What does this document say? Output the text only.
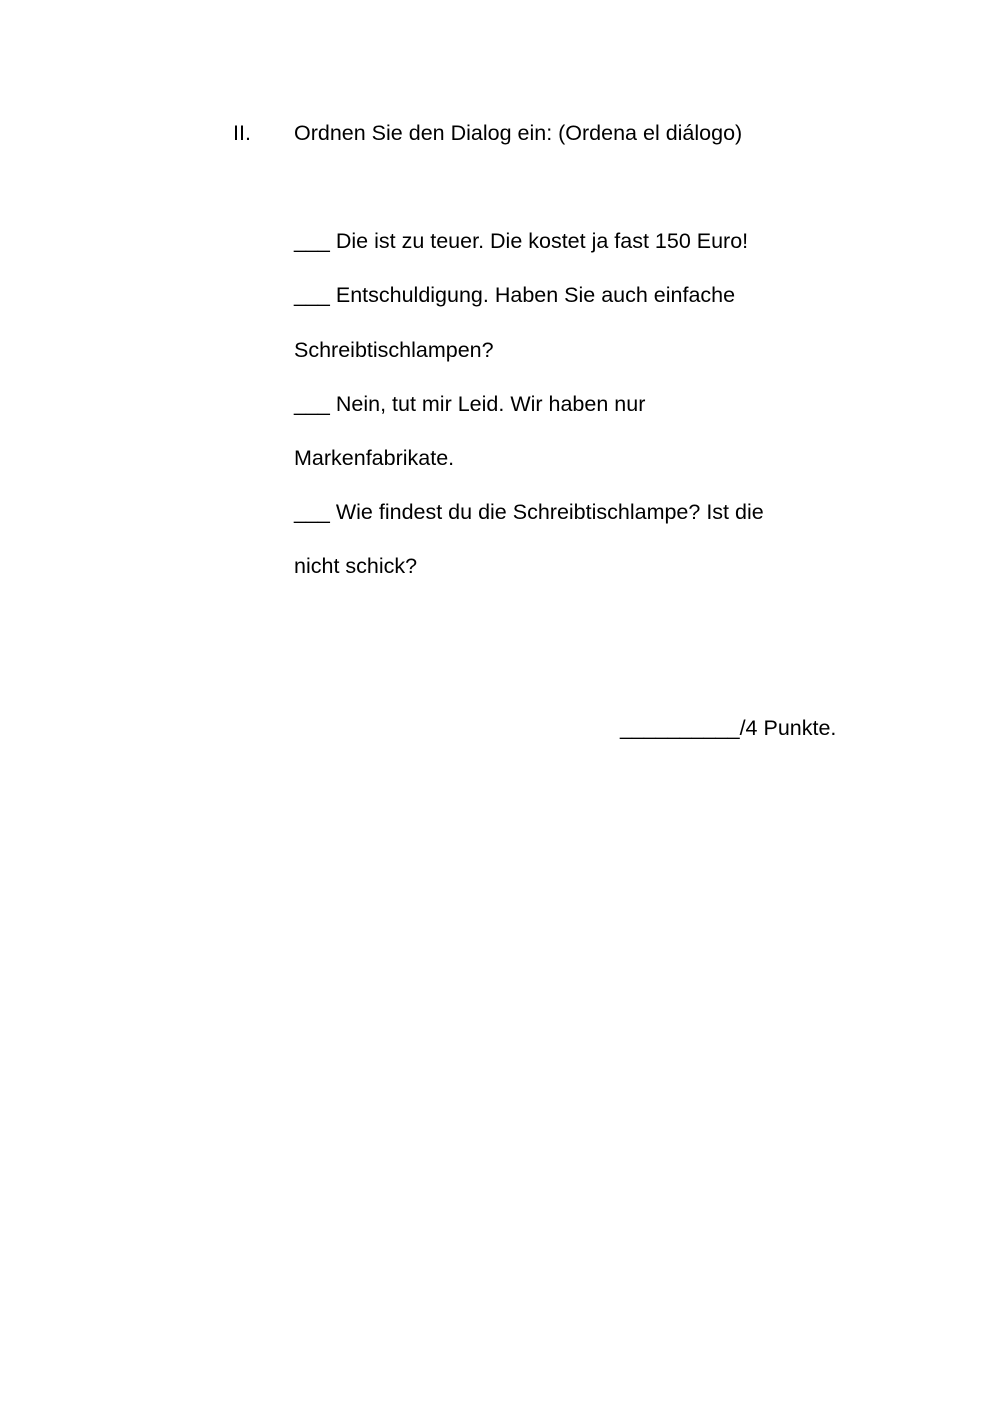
II. Ordnen Sie den Dialog ein: (Ordena el diálogo)

___ Die ist zu teuer. Die kostet ja fast 150 Euro!

___ Entschuldigung. Haben Sie auch einfache

Schreibtischlampen?

___ Nein, tut mir Leid. Wir haben nur

Markenfabrikate.

___ Wie findest du die Schreibtischlampe? Ist die

nicht schick?

__________/4 Punkte.
